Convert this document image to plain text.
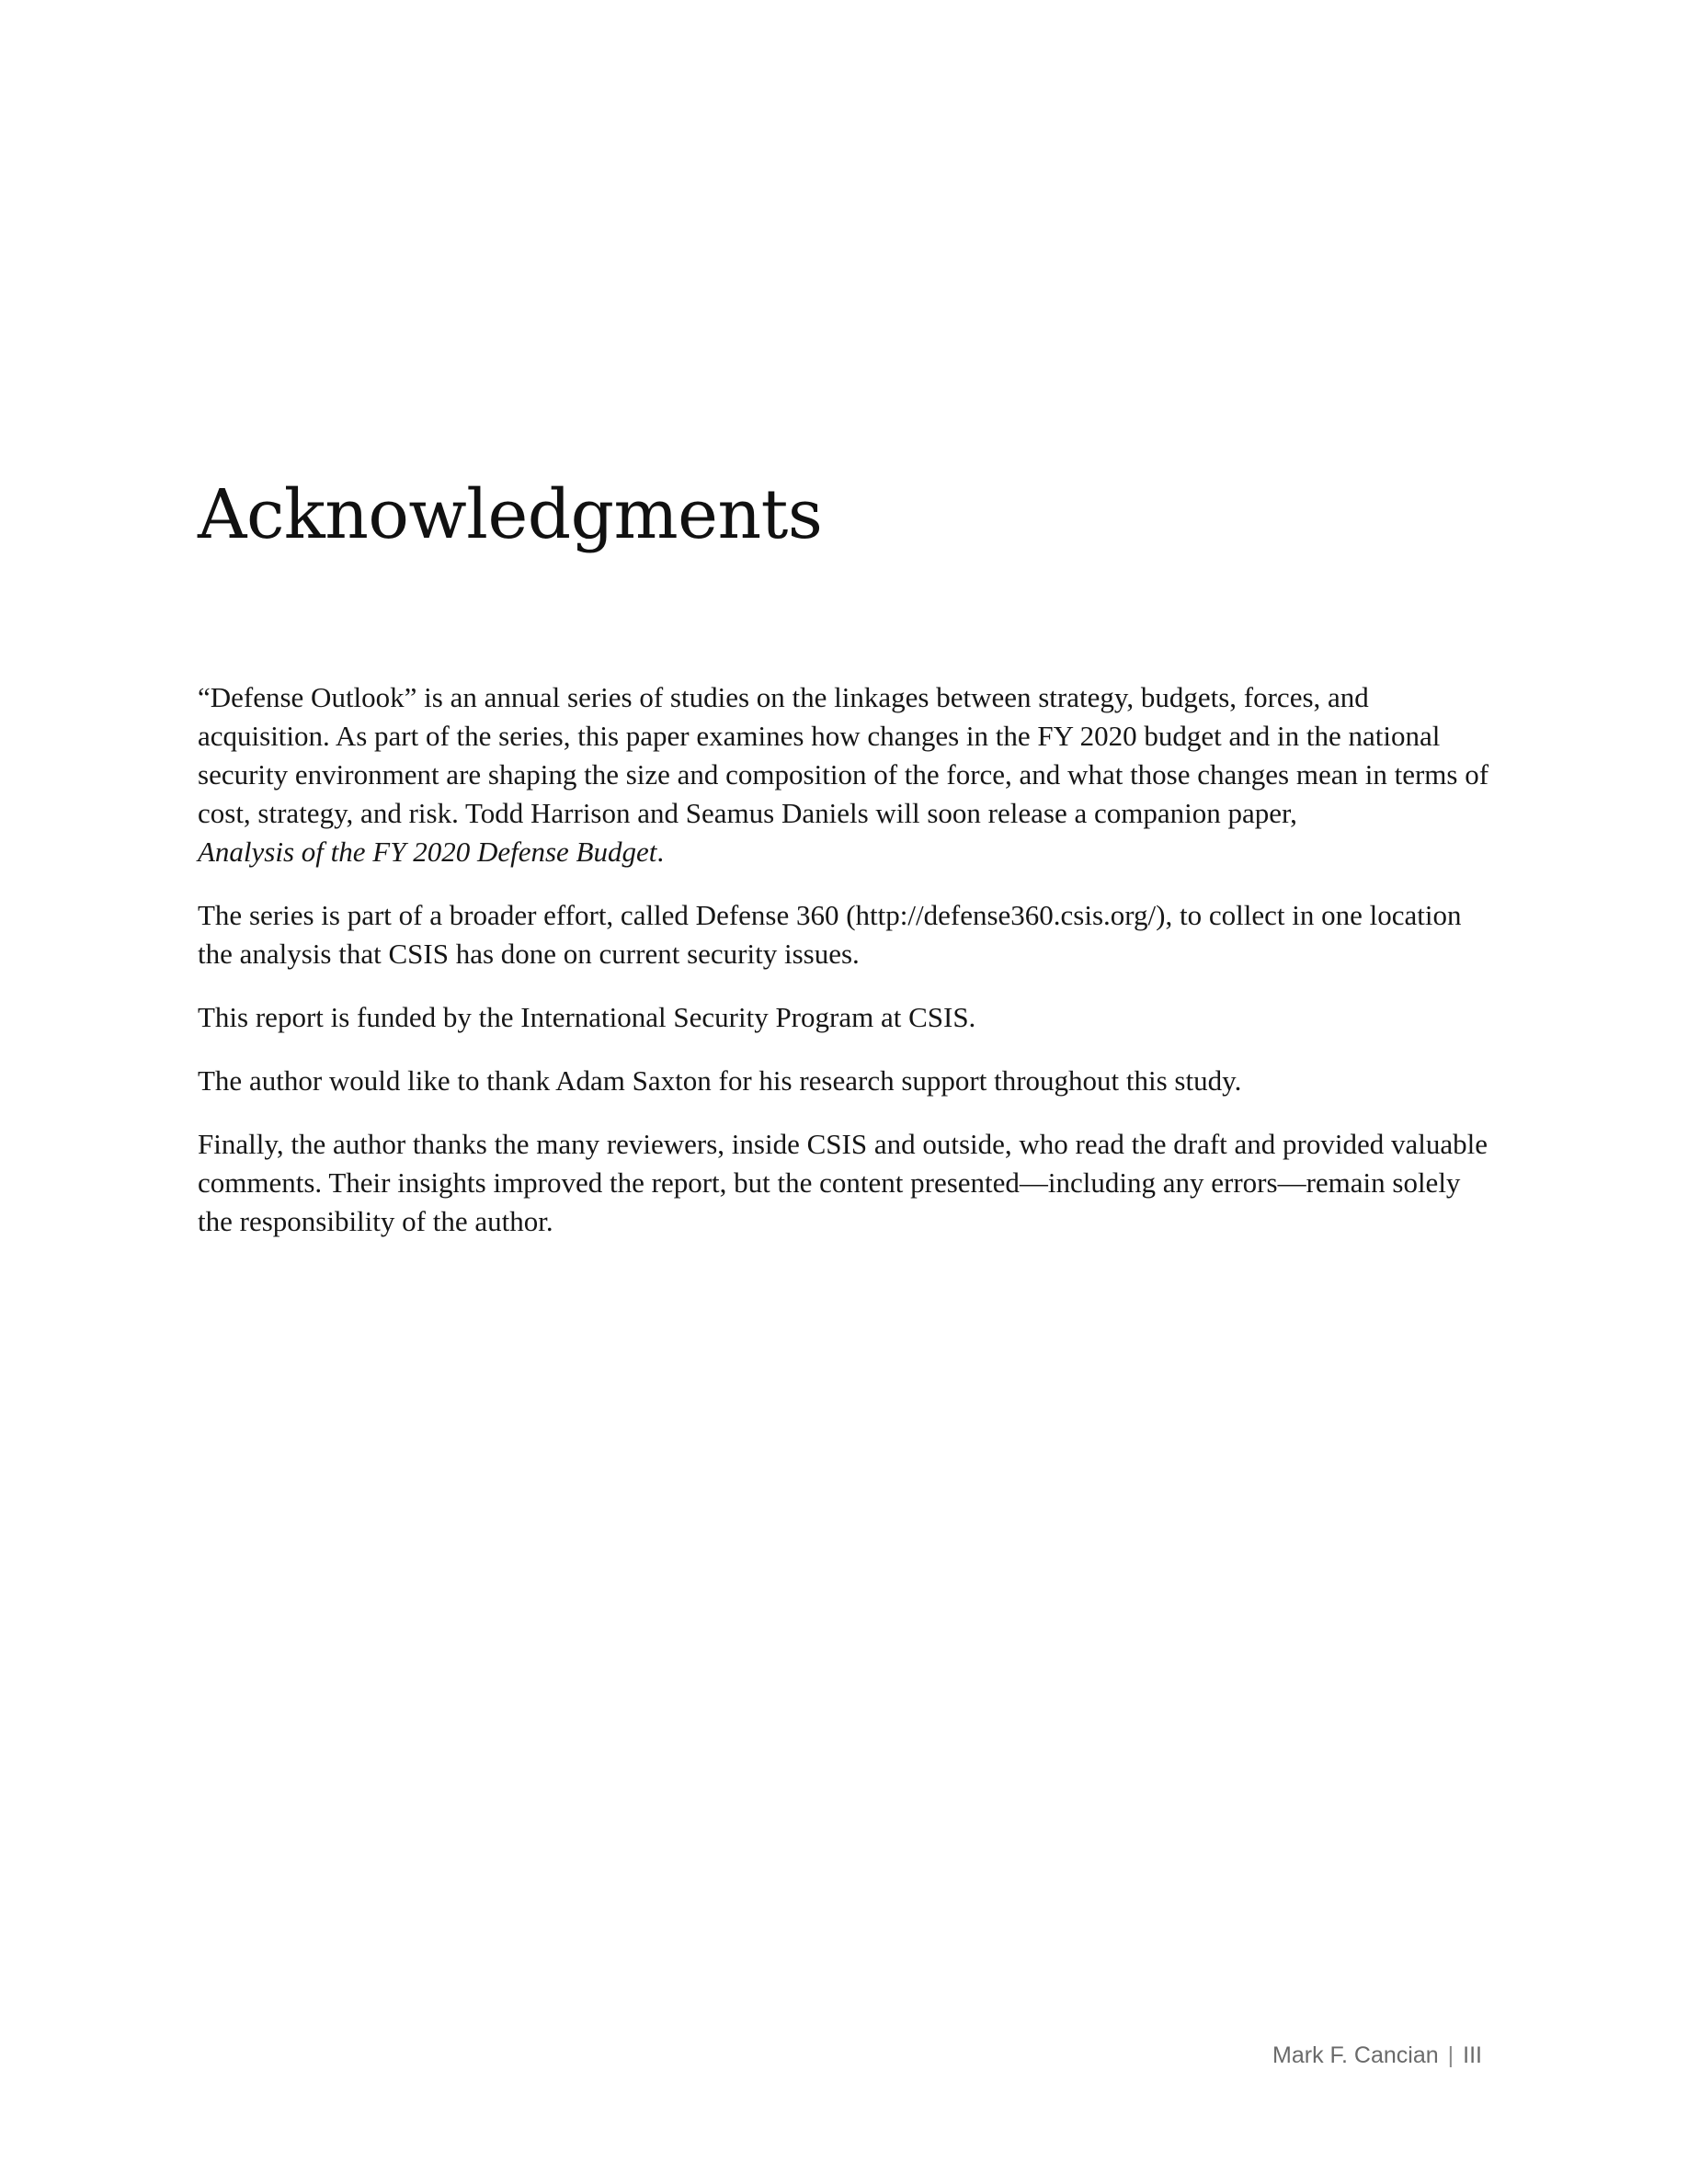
Acknowledgments

“Defense Outlook” is an annual series of studies on the linkages between strategy, budgets, forces, and acquisition. As part of the series, this paper examines how changes in the FY 2020 budget and in the national security environment are shaping the size and composition of the force, and what those changes mean in terms of cost, strategy, and risk. Todd Harrison and Seamus Daniels will soon release a companion paper,
Analysis of the FY 2020 Defense Budget.

The series is part of a broader effort, called Defense 360 (http://defense360.csis.org/), to collect in one location the analysis that CSIS has done on current security issues.

This report is funded by the International Security Program at CSIS.

The author would like to thank Adam Saxton for his research support throughout this study.

Finally, the author thanks the many reviewers, inside CSIS and outside, who read the draft and provided valuable comments. Their insights improved the report, but the content presented—including any errors—remain solely the responsibility of the author.

Mark F. Cancian | III
